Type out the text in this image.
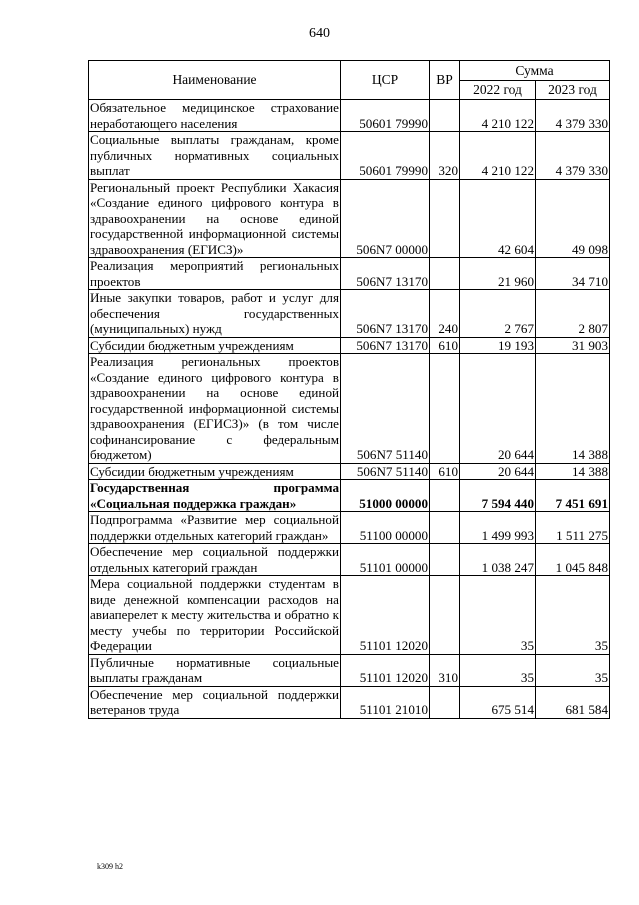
640
Наименование	ЦСР	ВР	Сумма	
			2022 год	2023 год
Обязательное медицинское страхование неработающего населения	50601 79990		4 210 122	4 379 330
Социальные выплаты гражданам, кроме публичных нормативных социальных выплат	50601 79990	320	4 210 122	4 379 330
Региональный проект Республики Хакасия «Создание единого цифрового контура в здравоохранении на основе единой государственной информационной системы здравоохранения (ЕГИСЗ)»	506N7 00000		42 604	49 098
Реализация мероприятий региональных проектов	506N7 13170		21 960	34 710
Иные закупки товаров, работ и услуг для обеспечения государственных (муниципальных) нужд	506N7 13170	240	2 767	2 807
Субсидии бюджетным учреждениям	506N7 13170	610	19 193	31 903
Реализация региональных проектов «Создание единого цифрового контура в здравоохранении на основе единой государственной информационной системы здравоохранения (ЕГИСЗ)» (в том числе софинансирование с федеральным бюджетом)	506N7 51140		20 644	14 388
Субсидии бюджетным учреждениям	506N7 51140	610	20 644	14 388
Государственная программа «Социальная поддержка граждан»	51000 00000		7 594 440	7 451 691
Подпрограмма «Развитие мер социальной поддержки отдельных категорий граждан»	51100 00000		1 499 993	1 511 275
Обеспечение мер социальной поддержки отдельных категорий граждан	51101 00000		1 038 247	1 045 848
Мера социальной поддержки студентам в виде денежной компенсации расходов на авиаперелет к месту жительства и обратно к месту учебы по территории Российской Федерации	51101 12020		35	35
Публичные нормативные социальные выплаты гражданам	51101 12020	310	35	35
Обеспечение мер социальной поддержки ветеранов труда	51101 21010		675 514	681 584
k309 h2
